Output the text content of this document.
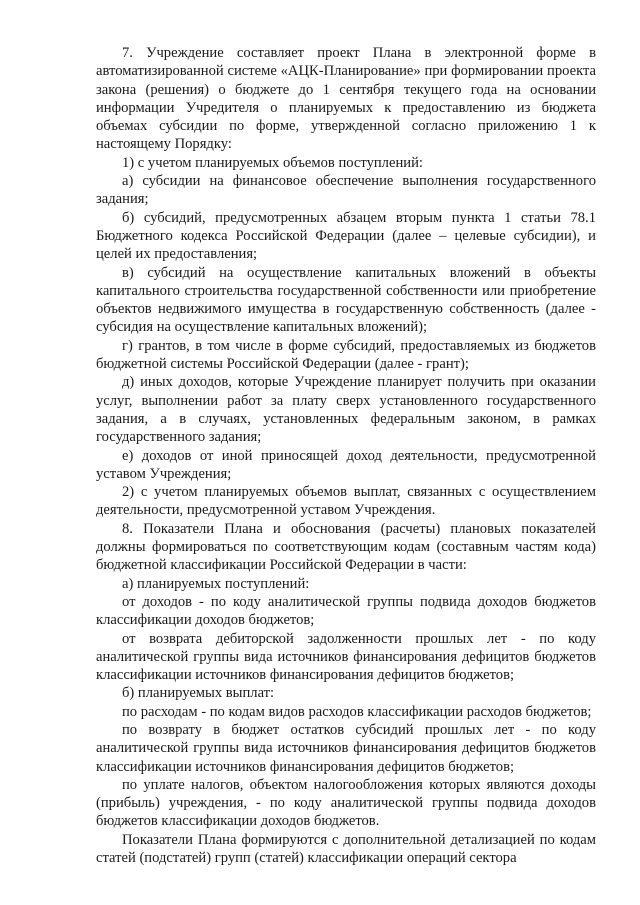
7. Учреждение составляет проект Плана в электронной форме в автоматизированной системе «АЦК-Планирование» при формировании проекта закона (решения) о бюджете до 1 сентября текущего года на основании информации Учредителя о планируемых к предоставлению из бюджета объемах субсидии по форме, утвержденной согласно приложению 1 к настоящему Порядку:

1) с учетом планируемых объемов поступлений:

а) субсидии на финансовое обеспечение выполнения государственного задания;

б) субсидий, предусмотренных абзацем вторым пункта 1 статьи 78.1 Бюджетного кодекса Российской Федерации (далее – целевые субсидии), и целей их предоставления;

в) субсидий на осуществление капитальных вложений в объекты капитального строительства государственной собственности или приобретение объектов недвижимого имущества в государственную собственность (далее - субсидия на осуществление капитальных вложений);

г) грантов, в том числе в форме субсидий, предоставляемых из бюджетов бюджетной системы Российской Федерации (далее - грант);

д) иных доходов, которые Учреждение планирует получить при оказании услуг, выполнении работ за плату сверх установленного государственного задания, а в случаях, установленных федеральным законом, в рамках государственного задания;

е) доходов от иной приносящей доход деятельности, предусмотренной уставом Учреждения;

2) с учетом планируемых объемов выплат, связанных с осуществлением деятельности, предусмотренной уставом Учреждения.

8. Показатели Плана и обоснования (расчеты) плановых показателей должны формироваться по соответствующим кодам (составным частям кода) бюджетной классификации Российской Федерации в части:

а) планируемых поступлений:

от доходов - по коду аналитической группы подвида доходов бюджетов классификации доходов бюджетов;

от возврата дебиторской задолженности прошлых лет - по коду аналитической группы вида источников финансирования дефицитов бюджетов классификации источников финансирования дефицитов бюджетов;

б) планируемых выплат:

по расходам - по кодам видов расходов классификации расходов бюджетов;

по возврату в бюджет остатков субсидий прошлых лет - по коду аналитической группы вида источников финансирования дефицитов бюджетов классификации источников финансирования дефицитов бюджетов;

по уплате налогов, объектом налогообложения которых являются доходы (прибыль) учреждения, - по коду аналитической группы подвида доходов бюджетов классификации доходов бюджетов.

Показатели Плана формируются с дополнительной детализацией по кодам статей (подстатей) групп (статей) классификации операций сектора
